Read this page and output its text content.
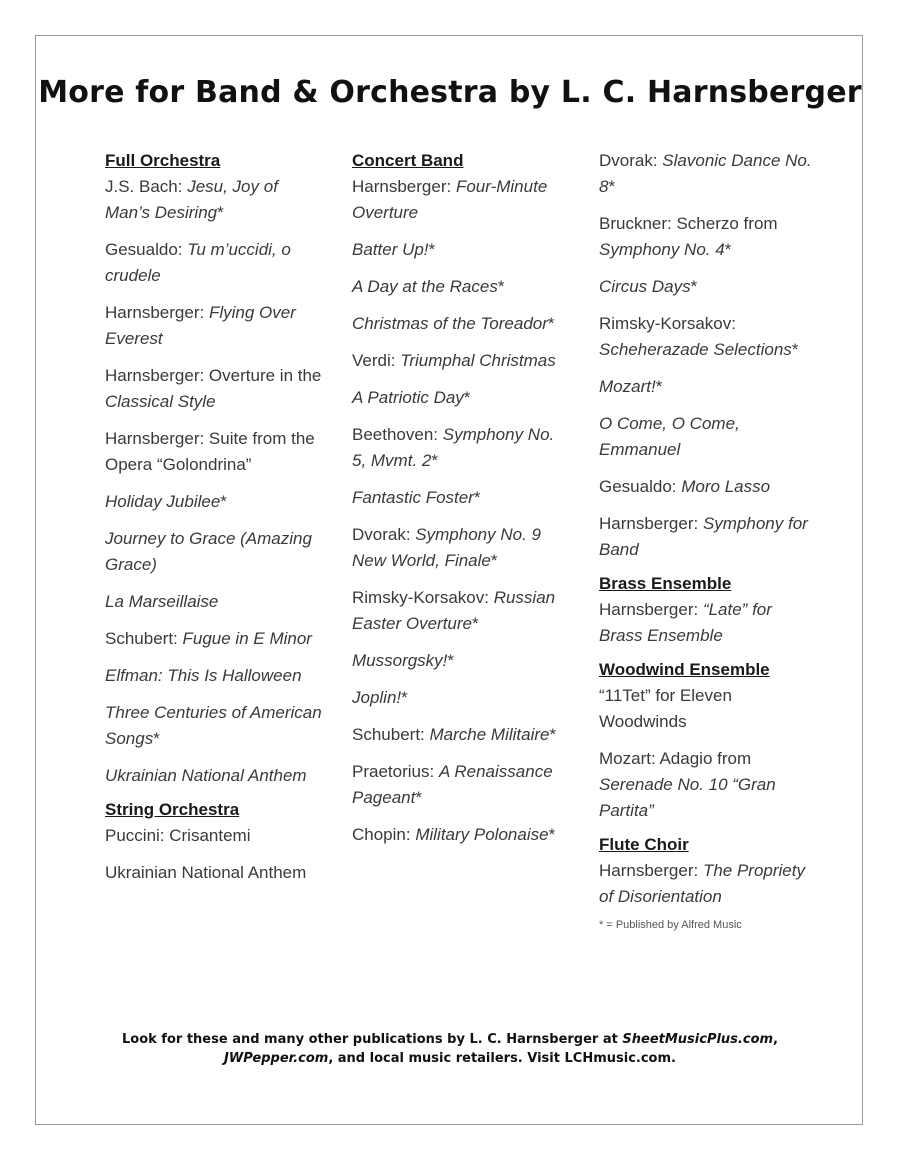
More for Band & Orchestra by L. C. Harnsberger
Full Orchestra
J.S. Bach: Jesu, Joy of Man’s Desiring*
Gesualdo: Tu m’uccidi, o crudele
Harnsberger: Flying Over Everest
Harnsberger: Overture in the Classical Style
Harnsberger: Suite from the Opera “Golondrina”
Holiday Jubilee*
Journey to Grace (Amazing Grace)
La Marseillaise
Schubert: Fugue in E Minor
Elfman: This Is Halloween
Three Centuries of American Songs*
Ukrainian National Anthem
String Orchestra
Puccini: Crisantemi
Ukrainian National Anthem
Concert Band
Harnsberger: Four-Minute Overture
Batter Up!*
A Day at the Races*
Christmas of the Toreador*
Verdi: Triumphal Christmas
A Patriotic Day*
Beethoven: Symphony No. 5, Mvmt. 2*
Fantastic Foster*
Dvorak: Symphony No. 9 New World, Finale*
Rimsky-Korsakov: Russian Easter Overture*
Mussorgsky!*
Joplin!*
Schubert: Marche Militaire*
Praetorius: A Renaissance Pageant*
Chopin: Military Polonaise*
Dvorak: Slavonic Dance No. 8*
Bruckner: Scherzo from Symphony No. 4*
Circus Days*
Rimsky-Korsakov: Scheherazade Selections*
Mozart!*
O Come, O Come, Emmanuel
Gesualdo: Moro Lasso
Harnsberger: Symphony for Band
Brass Ensemble
Harnsberger: “Late” for Brass Ensemble
Woodwind Ensemble
“11Tet” for Eleven Woodwinds
Mozart: Adagio from Serenade No. 10 “Gran Partita”
Flute Choir
Harnsberger: The Propriety of Disorientation
* = Published by Alfred Music
Look for these and many other publications by L. C. Harnsberger at SheetMusicPlus.com,
JWPepper.com, and local music retailers. Visit LCHmusic.com.
